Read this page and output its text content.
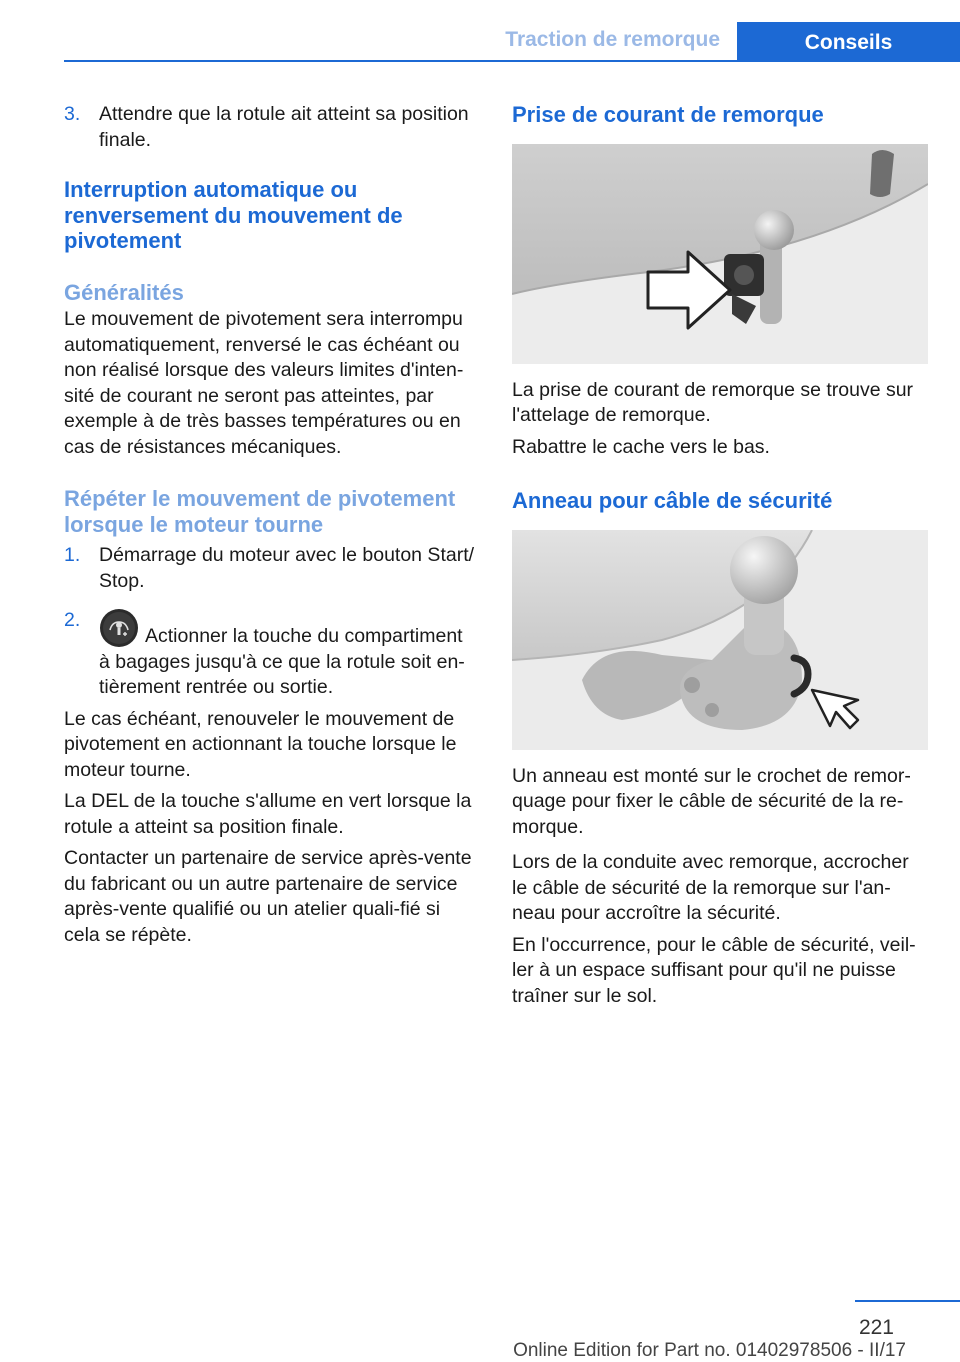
Traction de remorque	Conseils
3. Attendre que la rotule ait atteint sa position finale.
Interruption automatique ou renversement du mouvement de pivotement
Généralités

Le mouvement de pivotement sera interrompu automatiquement, renversé le cas échéant ou non réalisé lorsque des valeurs limites d'inten-sité de courant ne seront pas atteintes, par exemple à de très basses températures ou en cas de résistances mécaniques.

Répéter le mouvement de pivotement lorsque le moteur tourne
1. Démarrage du moteur avec le bouton Start/ Stop.
2.
Actionner la touche du compartiment à bagages jusqu'à ce que la rotule soit en-tièrement rentrée ou sortie.

Le cas échéant, renouveler le mouvement de pivotement en actionnant la touche lorsque le moteur tourne.

La DEL de la touche s'allume en vert lorsque la rotule a atteint sa position finale.

Contacter un partenaire de service après-vente du fabricant ou un autre partenaire de service après-vente qualifié ou un atelier quali-fié si cela se répète.

Prise de courant de remorque

La prise de courant de remorque se trouve sur l'attelage de remorque.

Rabattre le cache vers le bas.

Anneau pour câble de sécurité

Un anneau est monté sur le crochet de remor-quage pour fixer le câble de sécurité de la re-morque.

Lors de la conduite avec remorque, accrocher le câble de sécurité de la remorque sur l'an-neau pour accroître la sécurité.

En l'occurrence, pour le câble de sécurité, veil-ler à un espace suffisant pour qu'il ne puisse traîner sur le sol.

221
Online Edition for Part no. 01402978506 - II/17
